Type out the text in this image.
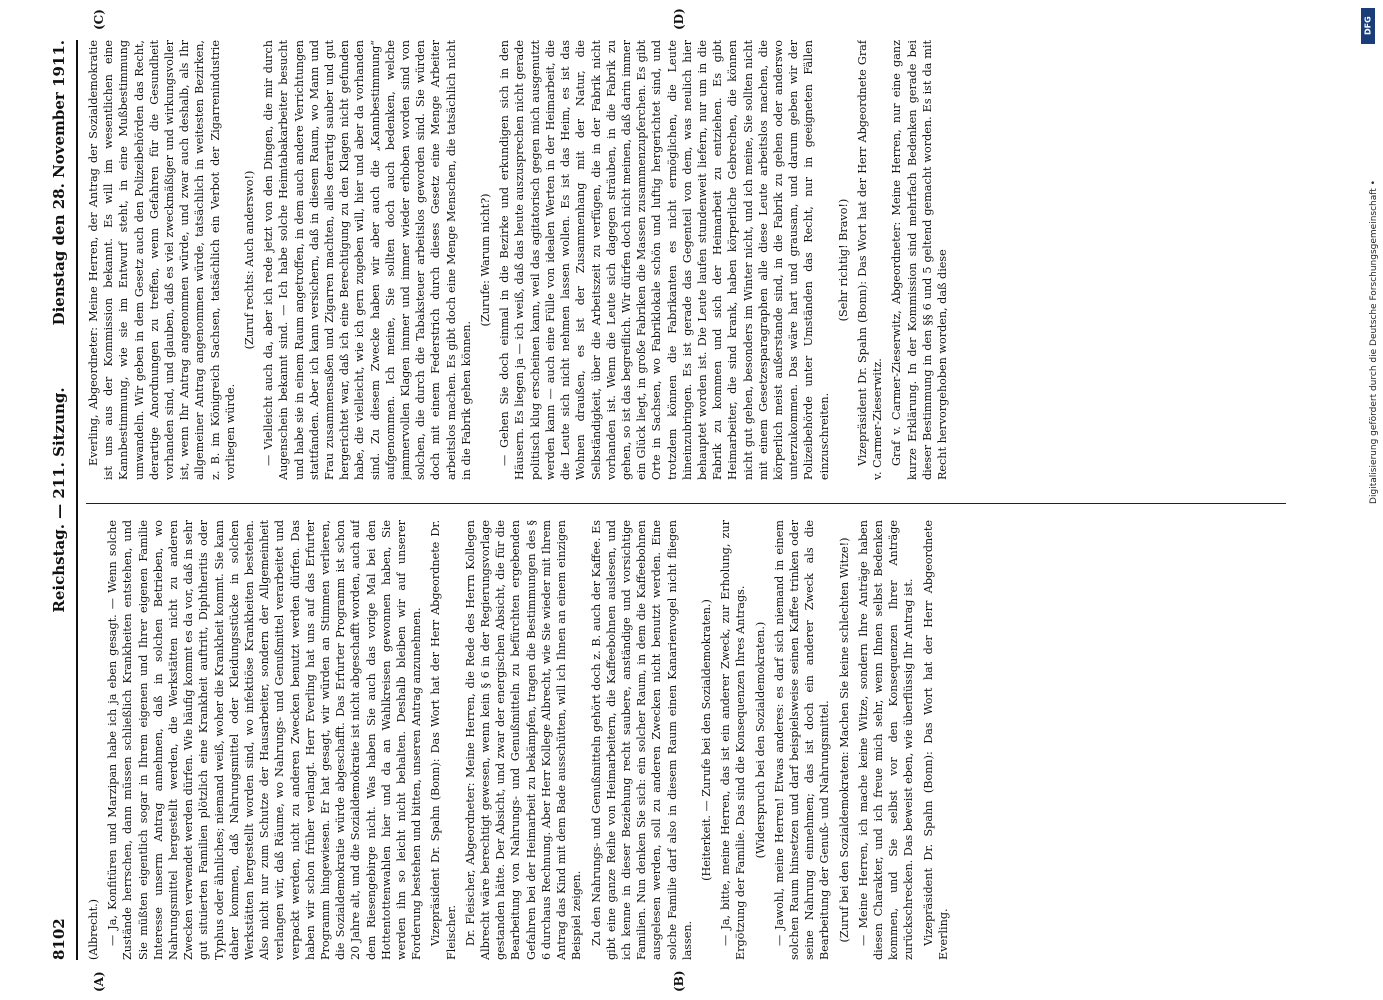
8102
Reichstag. — 211. Sitzung.
Dienstag den 28. November 1911.
(A)	(B)
(C)	(D)

(Albrecht.) — Ja, Konfitüren und Marzipan habe ich ja eben gesagt. — Wenn solche Zustände herrschen, dann müssen schließlich Krankheiten entstehen, und Sie müßten eigentlich sogar in Ihrem eigenen und Ihrer eigenen Familie Interesse unserm Antrag annehmen, daß in solchen Betrieben, wo Nahrungsmittel hergestellt werden, die Werkstätten nicht zu anderen Zwecken verwendet werden dürfen. Wie häufig kommt es da vor, daß in sehr gut situierten Familien plötzlich eine Krankheit auftritt, Diphtheritis oder Typhus oder ähnliches; niemand weiß, woher die Krankheit kommt. Sie kann daher kommen, daß Nahrungsmittel oder Kleidungsstücke in solchen Werkstätten hergestellt worden sind, wo infektiöse Krankheiten bestehen. Also nicht nur zum Schutze der Hausarbeiter, sondern der Allgemeinheit verlangen wir, daß Räume, wo Nahrungs- und Genußmittel verarbeitet und verpackt werden, nicht zu anderen Zwecken benutzt werden dürfen. Das haben wir schon früher verlangt. Herr Everling hat uns auf das Erfurter Programm hingewiesen. Er hat gesagt, wir würden an Stimmen verlieren, die Sozialdemokratie würde abgeschafft. Das Erfurter Programm ist schon 20 Jahre alt, und die Sozialdemokratie ist nicht abgeschafft worden, auch auf dem Riesengebirge nicht. Was haben Sie auch das vorige Mal bei den Hottentottenwahlen hier und da an Wahlkreisen gewonnen haben, Sie werden ihn so leicht nicht behalten. Deshalb bleiben wir auf unserer Forderung bestehen und bitten, unseren Antrag anzunehmen. Vizepräsident Dr. Spahn (Bonn): Das Wort hat der Herr Abgeordnete Dr. Fleischer. Dr. Fleischer, Abgeordneter: Meine Herren, die Rede des Herrn Kollegen Albrecht wäre berechtigt gewesen, wenn kein § 6 in der Regierungsvorlage gestanden hätte. Der Absicht, und zwar der energischen Absicht, die für die Bearbeitung von Nahrungs- und Genußmitteln zu befürchten ergebenden Gefahren bei der Heimarbeit zu bekämpfen, tragen die Bestimmungen des § 6 durchaus Rechnung. Aber Herr Kollege Albrecht, wie Sie wieder mit Ihrem Antrag das Kind mit dem Bade ausschütten, will ich Ihnen an einem einzigen Beispiel zeigen. Zu den Nahrungs- und Genußmitteln gehört doch z. B. auch der Kaffee. Es gibt eine ganze Reihe von Heimarbeitern, die Kaffeebohnen auslesen, und ich kenne in dieser Beziehung recht saubere, anständige und vorsichtige Familien. Nun denken Sie sich: ein solcher Raum, in dem die Kaffeebohnen ausgelesen werden, soll zu anderen Zwecken nicht benutzt werden. Eine solche Familie darf also in diesem Raum einen Kanarienvogel nicht fliegen lassen.

(Heiterkeit. — Zurufe bei den Sozialdemokraten.) — Ja, bitte, meine Herren, das ist ein anderer Zweck, zur Erholung, zur Ergötzung der Familie. Das sind die Konsequenzen Ihres Antrags. (Widerspruch bei den Sozialdemokraten.) — Jawohl, meine Herren! Etwas anderes: es darf sich niemand in einem solchen Raum hinsetzen und darf beispielsweise seinen Kaffee trinken oder seine Nahrung einnehmen; das ist doch ein anderer Zweck als die Bearbeitung der Genuß- und Nahrungsmittel. (Zuruf bei den Sozialdemokraten: Machen Sie keine schlechten Witze!) — Meine Herren, ich mache keine Witze, sondern Ihre Anträge haben diesen Charakter, und ich freue mich sehr, wenn Ihnen selbst Bedenken kommen, und Sie selbst vor den Konsequenzen Ihrer Anträge zurückschrecken. Das beweist eben, wie überflüssig Ihr Antrag ist. Vizepräsident Dr. Spahn (Bonn): Das Wort hat der Herr Abgeordnete Everling.

Everling, Abgeordneter: Meine Herren, der Antrag der Sozialdemokratie ist uns aus der Kommission bekannt. Es will im wesentlichen eine Kannbestimmung, wie sie im Entwurf steht, in eine Mußbestimmung umwandeln. Wir geben in dem Gesetz auch den Polizeibehörden das Recht, derartige Anordnungen zu treffen, wenn Gefahren für die Gesundheit vorhanden sind, und glauben, daß es viel zweckmäßiger und wirkungsvoller ist, wenn Ihr Antrag angenommen würde, und zwar auch deshalb, als Ihr allgemeiner Antrag angenommen würde, tatsächlich in weitesten Bezirken, z. B. im Königreich Sachsen, tatsächlich ein Verbot der Zigarrenindustrie vorliegen würde.

(Zuruf rechts: Auch anderswo!) — Vielleicht auch da, aber ich rede jetzt von den Dingen, die mir durch Augenschein bekannt sind. — Ich habe solche Heimtabakarbeiter besucht und habe sie in einem Raum angetroffen, in dem auch andere Verrichtungen stattfanden. Aber ich kann versichern, daß in diesem Raum, wo Mann und Frau zusammensaßen und Zigarren machten, alles derartig sauber und gut hergerichtet war, daß ich eine Berechtigung zu den Klagen nicht gefunden habe, die vielleicht, wie ich gern zugeben will, hier und aber da vorhanden sind. Zu diesem Zwecke haben wir aber auch die „Kannbestimmung“ aufgenommen. Ich meine, Sie sollten doch auch bedenken, welche jammervollen Klagen immer und immer wieder erhoben worden sind von solchen, die durch die Tabaksteuer arbeitslos geworden sind. Sie würden doch mit einem Federstrich durch dieses Gesetz eine Menge Arbeiter arbeitslos machen. Es gibt doch eine Menge Menschen, die tatsächlich nicht in die Fabrik gehen können.

(Zurufe: Warum nicht?) — Gehen Sie doch einmal in die Bezirke und erkundigen sich in den Häusern. Es liegen ja — ich weiß, daß das heute auszusprechen nicht gerade politisch klug erscheinen kann, weil das agitatorisch gegen mich ausgenutzt werden kann — auch eine Fülle von idealen Werten in der Heimarbeit, die die Leute sich nicht nehmen lassen wollen. Es ist das Heim, es ist das Wohnen draußen, es ist der Zusammenhang mit der Natur, die Selbständigkeit, über die Arbeitszeit zu verfügen, die in der Fabrik nicht vorhanden ist. Wenn die Leute sich dagegen sträuben, in die Fabrik zu gehen, so ist das begreiflich. Wir dürfen doch nicht meinen, daß darin immer ein Glück liegt, in große Fabriken die Massen zusammenzupferchen. Es gibt Orte in Sachsen, wo Fabriklokale schön und luftig hergerichtet sind, und trotzdem können die Fabrikanten es nicht ermöglichen, die Leute hineinzubringen. Es ist gerade das Gegenteil von dem, was neulich hier behauptet worden ist. Die Leute laufen stundenweit liefern, nur um in die Fabrik zu kommen und sich der Heimarbeit zu entziehen. Es gibt Heimarbeiter, die sind krank, haben körperliche Gebrechen, die können nicht gut gehen, besonders im Winter nicht, und ich meine, Sie sollten nicht mit einem Gesetzesparagraphen alle diese Leute arbeitslos machen, die körperlich meist außerstande sind, in die Fabrik zu gehen oder anderswo unterzukommen. Das wäre hart und grausam, und darum geben wir der Polizeibehörde unter Umständen das Recht, nur in geeigneten Fällen einzuschreiten.

(Sehr richtig! Bravo!) Vizepräsident Dr. Spahn (Bonn): Das Wort hat der Herr Abgeordnete Graf v. Carmer-Zieserwitz. Graf v. Carmer-Zieserwitz, Abgeordneter: Meine Herren, nur eine ganz kurze Erklärung. In der Kommission sind mehrfach Bedenken gerade bei dieser Bestimmung in den §§ 6 und 5 geltend gemacht worden. Es ist da mit Recht hervorgehoben worden, daß diese	Digitalisierung gefördert durch die Deutsche Forschungsgemeinschaft •
DFG
